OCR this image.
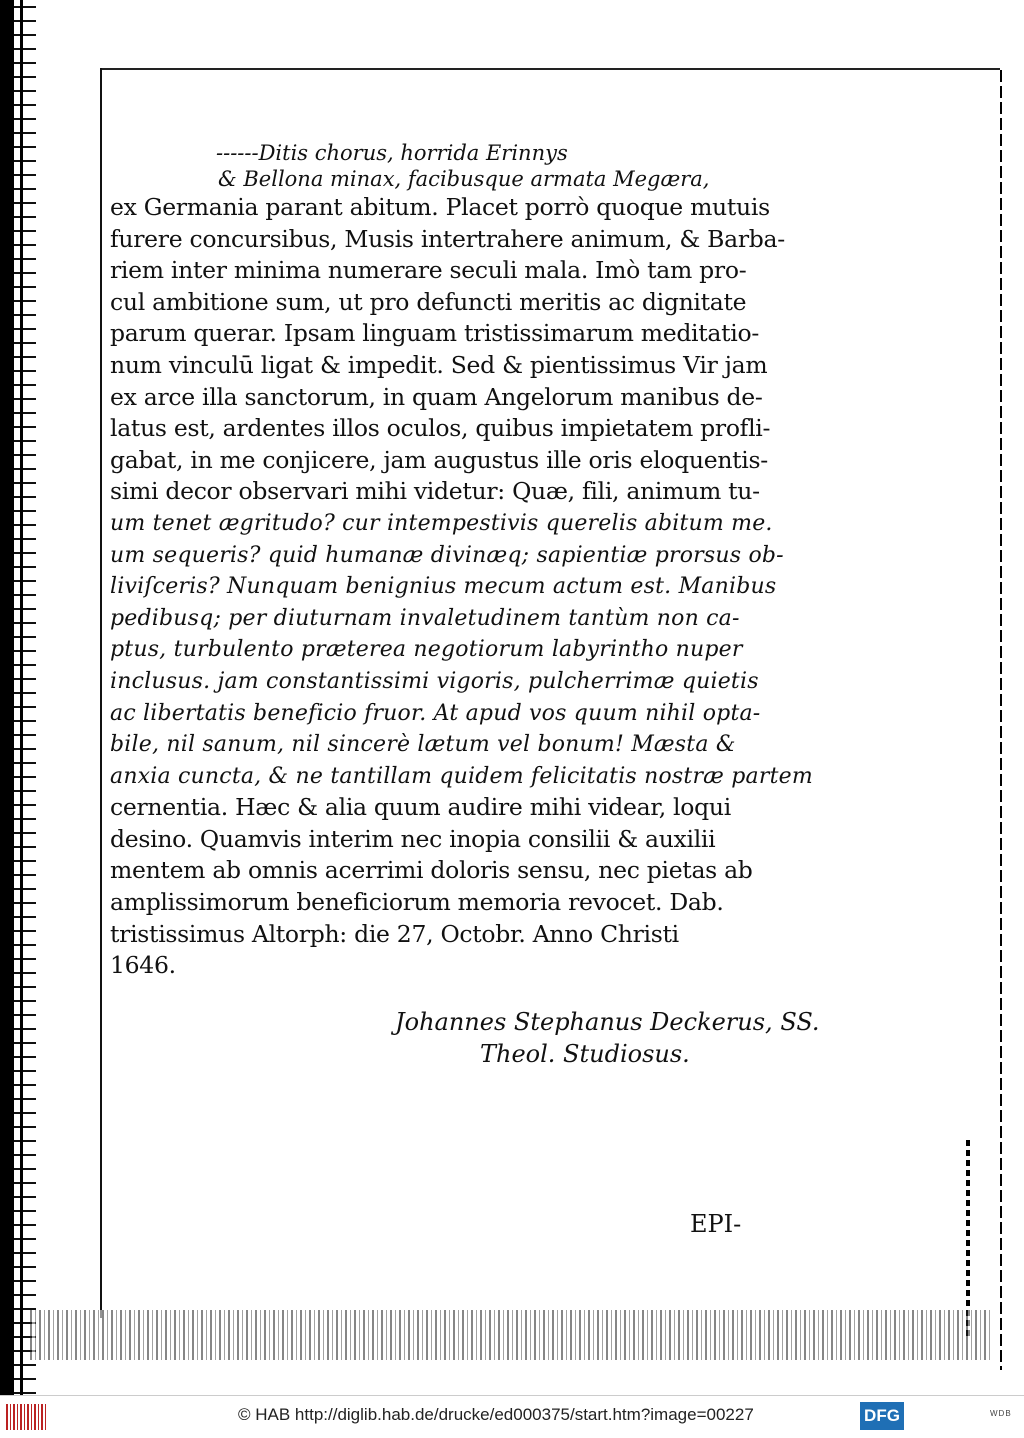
------Ditis chorus, horrida Erinnys
& Bellona minax, facibusque armata Megæra,
ex Germania parant abitum. Placet porrò quoque mutuis
furere concursibus, Musis intertrahere animum, & Barba-
riem inter minima numerare seculi mala. Imò tam pro-
cul ambitione sum, ut pro defuncti meritis ac dignitate
parum querar. Ipsam linguam tristissimarum meditatio-
num vinculū ligat & impedit. Sed & pientissimus Vir jam
ex arce illa sanctorum, in quam Angelorum manibus de-
latus est, ardentes illos oculos, quibus impietatem profli-
gabat, in me conjicere, jam augustus ille oris eloquentis-
simi decor observari mihi videtur: Quæ, fili, animum tu-
um tenet ægritudo? cur intempestivis querelis abitum me.
um sequeris? quid humanæ divinæq; sapientiæ prorsus ob-
liviſceris? Nunquam benignius mecum actum est. Manibus
pedibusq; per diuturnam invaletudinem tantùm non ca-
ptus, turbulento præterea negotiorum labyrintho nuper
inclusus. jam constantissimi vigoris, pulcherrimæ quietis
ac libertatis beneficio fruor. At apud vos quum nihil opta-
bile, nil sanum, nil sincerè lætum vel bonum! Mæsta &
anxia cuncta, & ne tantillam quidem felicitatis nostræ partem
cernentia. Hæc & alia quum audire mihi videar, loqui
desino. Quamvis interim nec inopia consilii & auxilii
mentem ab omnis acerrimi doloris sensu, nec pietas ab
amplissimorum beneficiorum memoria revocet. Dab.
tristissimus Altorph: die 27, Octobr. Anno Christi
1646.
Johannes Stephanus Deckerus, SS.
Theol. Studiosus.
EPI-
© HAB http://diglib.hab.de/drucke/ed000375/start.htm?image=00227	DFG	WDB
